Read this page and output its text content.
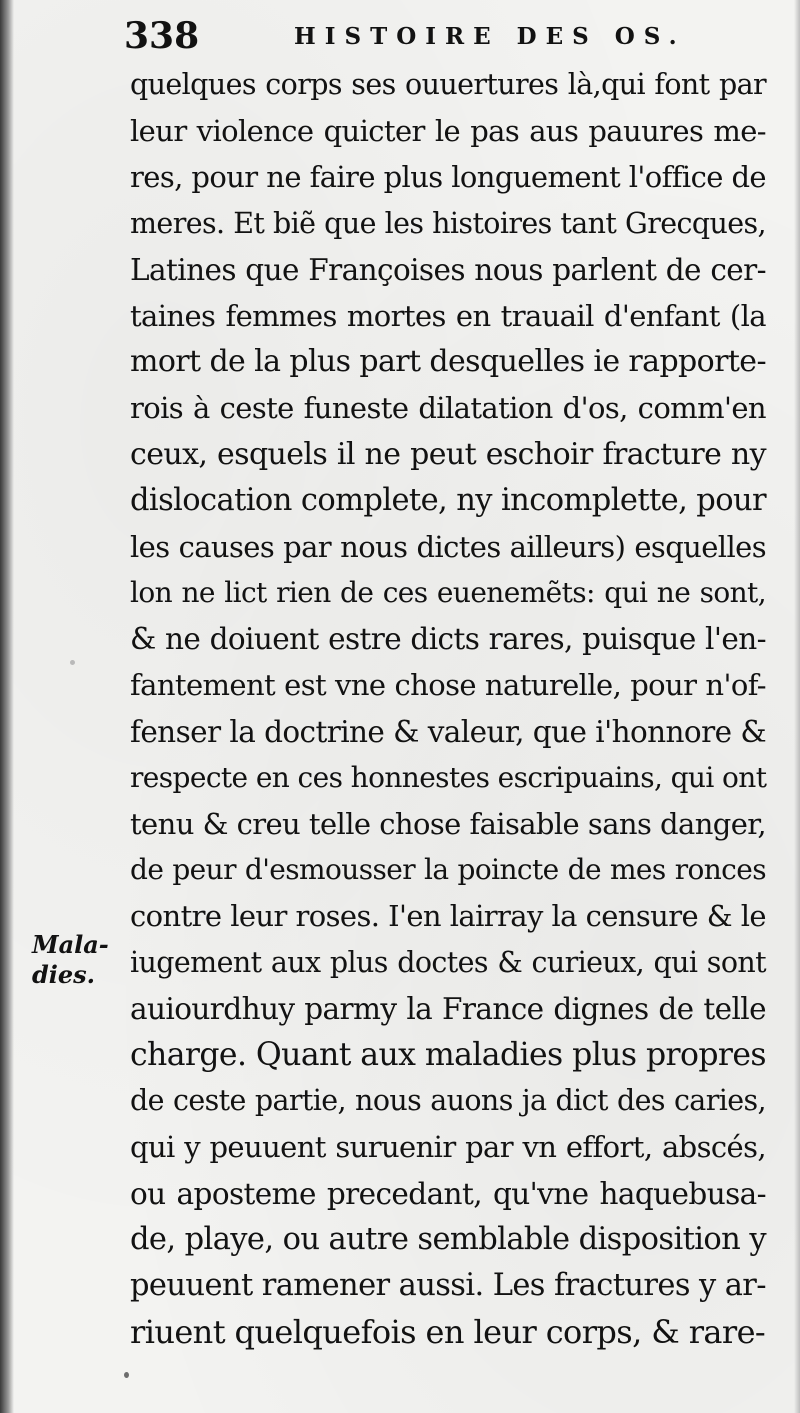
338	HISTOIRE DES OS.
Mala-
dies.
quelques corps ses ouuertures là,qui font par
leur violence quicter le pas aus pauures me-
res, pour ne faire plus longuement l'office de
meres. Et biẽ que les histoires tant Grecques,
Latines que Françoises nous parlent de cer-
taines femmes mortes en trauail d'enfant (la
mort de la plus part desquelles ie rapporte-
rois à ceste funeste dilatation d'os, comm'en
ceux, esquels il ne peut eschoir fracture ny
dislocation complete, ny incomplette, pour
les causes par nous dictes ailleurs) esquelles
lon ne lict rien de ces euenemẽts: qui ne sont,
& ne doiuent estre dicts rares, puisque l'en-
fantement est vne chose naturelle, pour n'of-
fenser la doctrine & valeur, que i'honnore &
respecte en ces honnestes escripuains, qui ont
tenu & creu telle chose faisable sans danger,
de peur d'esmousser la poincte de mes ronces
contre leur roses. I'en lairray la censure & le
iugement aux plus doctes & curieux, qui sont
auiourdhuy parmy la France dignes de telle
charge. Quant aux maladies plus propres
de ceste partie, nous auons ja dict des caries,
qui y peuuent suruenir par vn effort, abscés,
ou aposteme precedant, qu'vne haquebusa-
de, playe, ou autre semblable disposition y
peuuent ramener aussi. Les fractures y ar-
riuent quelquefois en leur corps, & rare-
